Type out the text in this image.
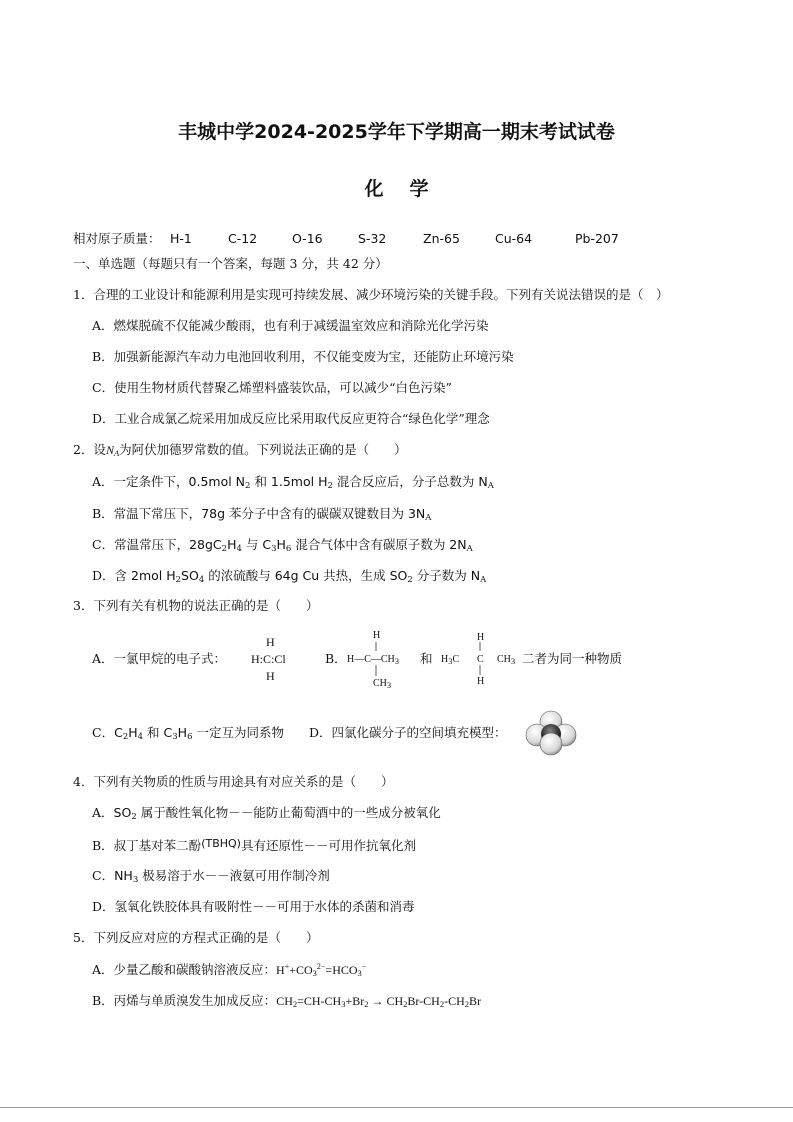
丰城中学2024-2025学年下学期高一期末考试试卷
化学
相对原子质量： H-1	C-12	O-16	S-32	Zn-65	Cu-64	Pb-207
一、单选题（每题只有一个答案，每题 3 分，共 42 分）
1．合理的工业设计和能源利用是实现可持续发展、减少环境污染的关键手段。下列有关说法错误的是（　）
A．燃煤脱硫不仅能减少酸雨，也有利于减缓温室效应和消除光化学污染
B．加强新能源汽车动力电池回收利用，不仅能变废为宝，还能防止环境污染
C．使用生物材质代替聚乙烯塑料盛装饮品，可以减少“白色污染”
D．工业合成氯乙烷采用加成反应比采用取代反应更符合“绿色化学”理念
2．设$N_A$为阿伏加德罗常数的值。下列说法正确的是（　　）
A．一定条件下，0.5mol $N_2$ 和 1.5mol $H_2$ 混合反应后，分子总数为 $N_A$
B．常温下常压下，78g 苯分子中含有的碳碳双键数目为 $3N_A$
C．常温常压下，$28gC_2H_4$ 与 $C_3H_6$ 混合气体中含有碳原子数为 $2N_A$
D．含 2mol $H_2SO_4$ 的浓硫酸与 64g Cu 共热，生成 $SO_2$ 分子数为 $N_A$
3．下列有关有机物的说法正确的是（　　）
A．一氯甲烷的电子式：
H
H:C:Cl
H
B．
H
$H—C—CH_3$
$CH_3$
和
H
$H_3C$ C $CH_3$
H
二者为同一种物质
C．$C_2H_4$ 和 $C_3H_6$ 一定互为同系物 D．四氯化碳分子的空间填充模型：
4．下列有关物质的性质与用途具有对应关系的是（　　）
A．$SO_2$ 属于酸性氧化物－－能防止葡萄酒中的一些成分被氧化
B．叔丁基对苯二酚(TBHQ)具有还原性－－可用作抗氧化剂
C．$NH_3$ 极易溶于水－－液氨可用作制冷剂
D．氢氧化铁胶体具有吸附性－－可用于水体的杀菌和消毒
5．下列反应对应的方程式正确的是（　　）
A．少量乙酸和碳酸钠溶液反应：$H^++CO_3^{2-}=HCO_3^-$
B．丙烯与单质溴发生加成反应：$CH_2=CH-CH_3+Br_2 \to CH_2Br-CH_2-CH_2Br$
